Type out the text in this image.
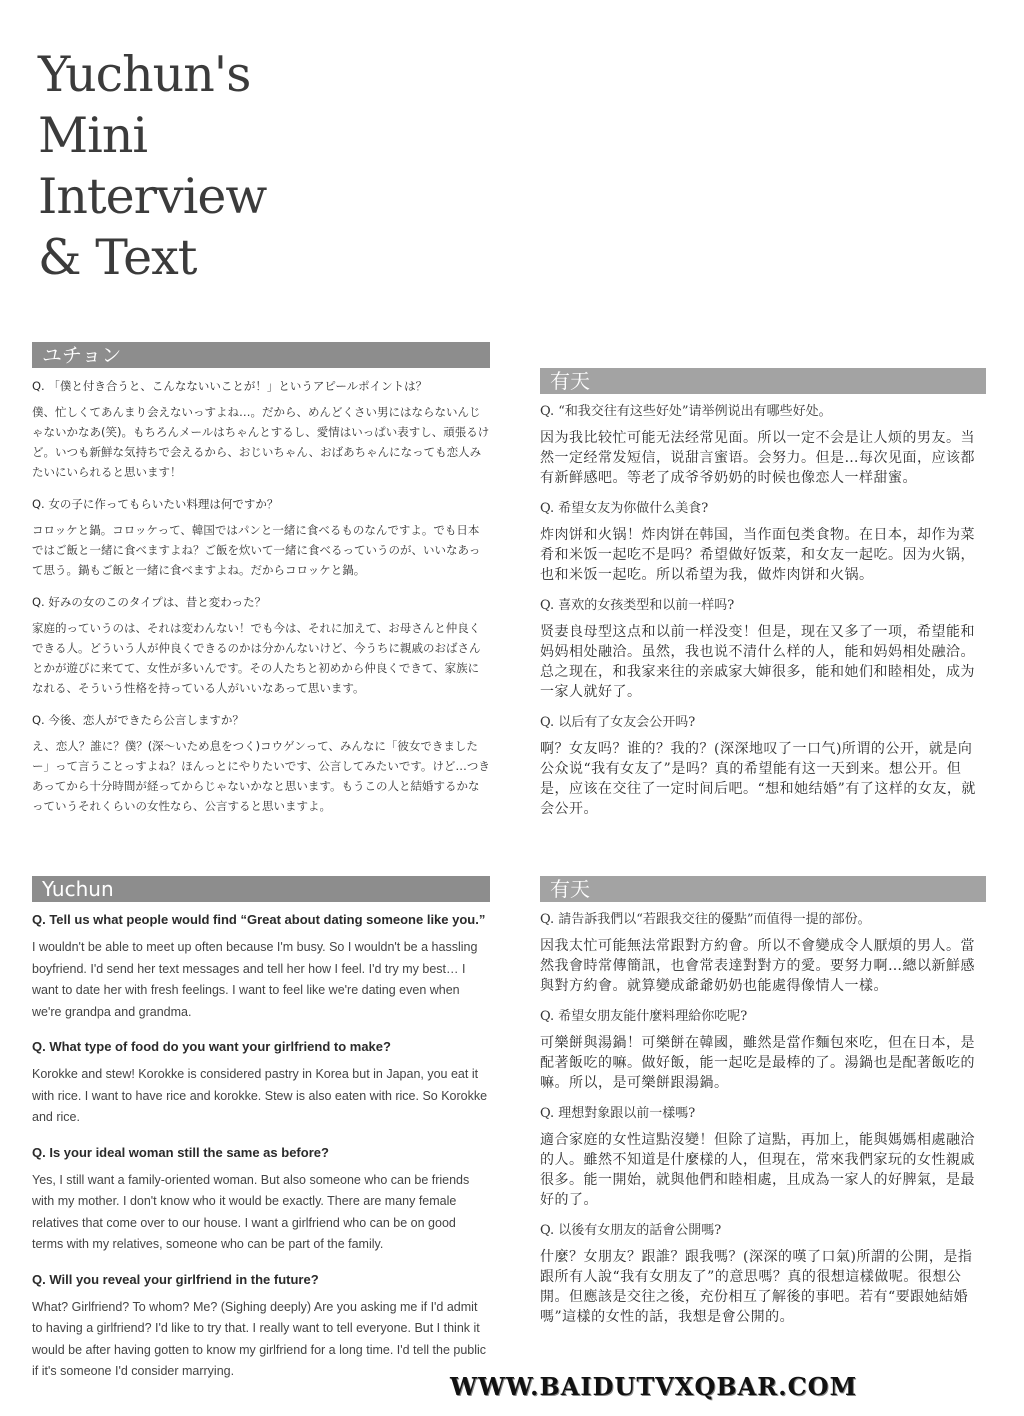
Yuchun's
Mini
Interview
& Text
ユチョン
Q. 「僕と付き合うと、こんなないいことが！」というアピールポイントは？
僕、忙しくてあんまり会えないっすよね…。だから、めんどくさい男にはならないんじゃないかなあ(笑)。もちろんメールはちゃんとするし、愛情はいっぱい表すし、頑張るけど。いつも新鮮な気持ちで会えるから、おじいちゃん、おばあちゃんになっても恋人みたいにいられると思います！
Q. 女の子に作ってもらいたい料理は何ですか？
コロッケと鍋。コロッケって、韓国ではパンと一緒に食べるものなんですよ。でも日本ではご飯と一緒に食べますよね？ご飯を炊いて一緒に食べるっていうのが、いいなあって思う。鍋もご飯と一緒に食べますよね。だからコロッケと鍋。
Q. 好みの女のこのタイプは、昔と変わった？
家庭的っていうのは、それは変わんない！でも今は、それに加えて、お母さんと仲良くできる人。どういう人が仲良くできるのかは分かんないけど、今うちに親戚のおばさんとかが遊びに来てて、女性が多いんです。その人たちと初めから仲良くできて、家族になれる、そういう性格を持っている人がいいなあって思います。
Q. 今後、恋人ができたら公言しますか？
え、恋人？誰に？僕？(深～いため息をつく)コウゲンって、みんなに「彼女できましたー」って言うことっすよね？ほんっとにやりたいです、公言してみたいです。けど…つきあってから十分時間が経ってからじゃないかなと思います。もうこの人と結婚するかなっていうそれくらいの女性なら、公言すると思いますよ。
有天
Q. “和我交往有这些好处”请举例说出有哪些好处。
因为我比较忙可能无法经常见面。所以一定不会是让人烦的男友。当然一定经常发短信，说甜言蜜语。会努力。但是…每次见面，应该都有新鲜感吧。等老了成爷爷奶奶的时候也像恋人一样甜蜜。
Q. 希望女友为你做什么美食?
炸肉饼和火锅！炸肉饼在韩国，当作面包类食物。在日本，却作为菜肴和米饭一起吃不是吗？希望做好饭菜，和女友一起吃。因为火锅，也和米饭一起吃。所以希望为我，做炸肉饼和火锅。
Q. 喜欢的女孩类型和以前一样吗?
贤妻良母型这点和以前一样没变！但是，现在又多了一项，希望能和妈妈相处融洽。虽然，我也说不清什么样的人，能和妈妈相处融洽。总之现在，和我家来往的亲戚家大婶很多，能和她们和睦相处，成为一家人就好了。
Q. 以后有了女友会公开吗?
啊？女友吗？谁的？我的？(深深地叹了一口气)所谓的公开，就是向公众说“我有女友了”是吗？真的希望能有这一天到来。想公开。但是，应该在交往了一定时间后吧。“想和她结婚”有了这样的女友，就会公开。
Yuchun
Q. Tell us what people would find “Great about dating someone like you.”
I wouldn't be able to meet up often because I'm busy. So I wouldn't be a hassling boyfriend. I'd send her text messages and tell her how I feel. I'd try my best… I want to date her with fresh feelings. I want to feel like we're dating even when we're grandpa and grandma.
Q. What type of food do you want your girlfriend to make?
Korokke and stew! Korokke is considered pastry in Korea but in Japan, you eat it with rice. I want to have rice and korokke. Stew is also eaten with rice. So Korokke and rice.
Q. Is your ideal woman still the same as before?
Yes, I still want a family-oriented woman. But also someone who can be friends with my mother. I don't know who it would be exactly. There are many female relatives that come over to our house. I want a girlfriend who can be on good terms with my relatives, someone who can be part of the family.
Q. Will you reveal your girlfriend in the future?
What? Girlfriend? To whom? Me? (Sighing deeply) Are you asking me if I'd admit to having a girlfriend? I'd like to try that. I really want to tell everyone. But I think it would be after having gotten to know my girlfriend for a long time. I'd tell the public if it's someone I'd consider marrying.
有天
Q. 請告訴我們以“若跟我交往的優點”而值得一提的部份。
因我太忙可能無法常跟對方約會。所以不會變成令人厭煩的男人。當然我會時常傳簡訊，也會常表達對對方的愛。要努力啊…總以新鮮感與對方約會。就算變成爺爺奶奶也能處得像情人一樣。
Q. 希望女朋友能什麼料理給你吃呢?
可樂餅與湯鍋！可樂餅在韓國，雖然是當作麵包來吃，但在日本，是配著飯吃的嘛。做好飯，能一起吃是最棒的了。湯鍋也是配著飯吃的嘛。所以，是可樂餅跟湯鍋。
Q. 理想對象跟以前一樣嗎?
適合家庭的女性這點沒變！但除了這點，再加上，能與媽媽相處融洽的人。雖然不知道是什麼樣的人，但現在，常來我們家玩的女性親戚很多。能一開始，就與他們和睦相處，且成為一家人的好脾氣，是最好的了。
Q. 以後有女朋友的話會公開嗎?
什麼？女朋友？跟誰？跟我嗎？(深深的嘆了口氣)所謂的公開，是指跟所有人說“我有女朋友了”的意思嗎？真的很想這樣做呢。很想公開。但應該是交往之後，充份相互了解後的事吧。若有“要跟她結婚嗎”這樣的女性的話，我想是會公開的。
WWW.BAIDUTVXQBAR.COM
